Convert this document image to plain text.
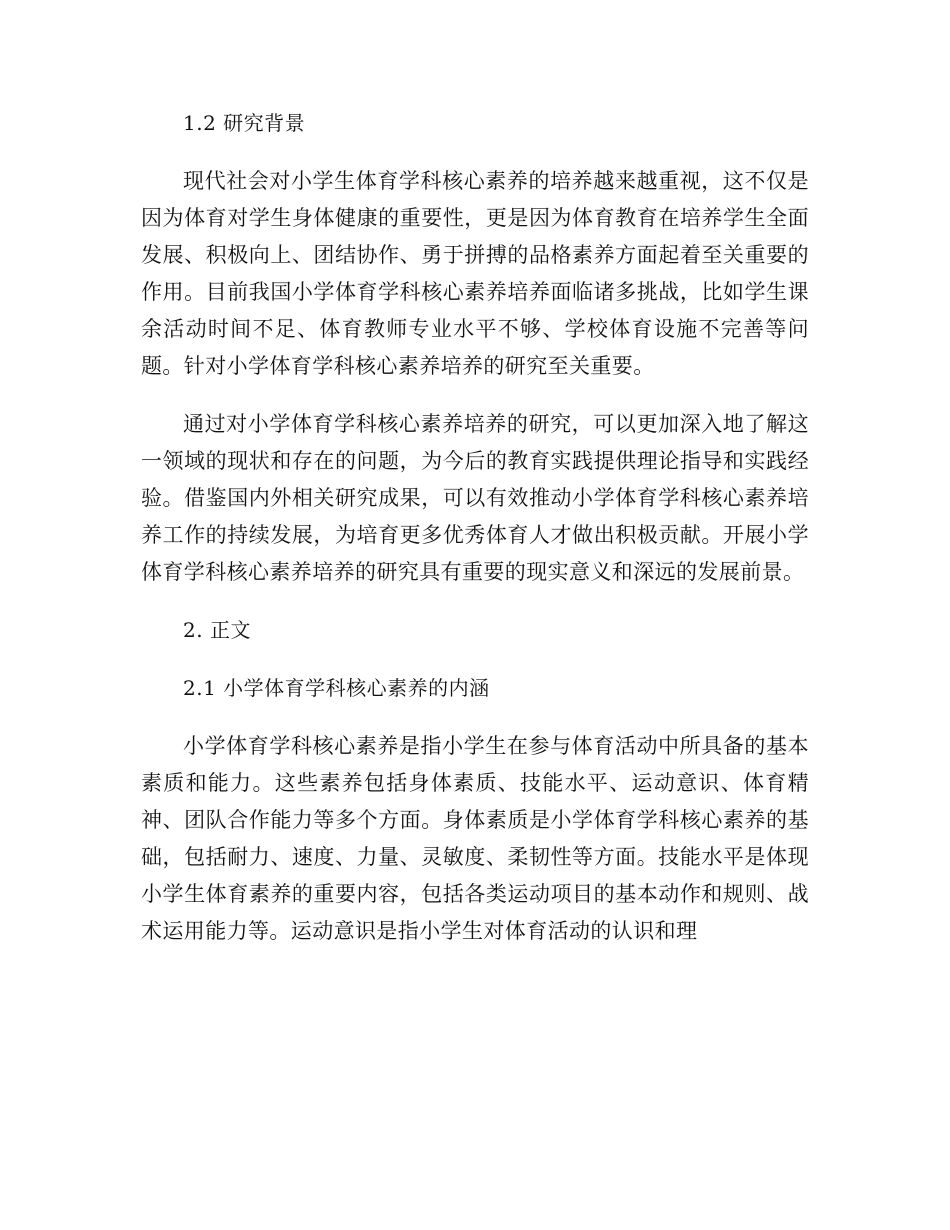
1.2 研究背景

现代社会对小学生体育学科核心素养的培养越来越重视，这不仅是因为体育对学生身体健康的重要性，更是因为体育教育在培养学生全面发展、积极向上、团结协作、勇于拼搏的品格素养方面起着至关重要的作用。目前我国小学体育学科核心素养培养面临诸多挑战，比如学生课余活动时间不足、体育教师专业水平不够、学校体育设施不完善等问题。针对小学体育学科核心素养培养的研究至关重要。

通过对小学体育学科核心素养培养的研究，可以更加深入地了解这一领域的现状和存在的问题，为今后的教育实践提供理论指导和实践经验。借鉴国内外相关研究成果，可以有效推动小学体育学科核心素养培养工作的持续发展，为培育更多优秀体育人才做出积极贡献。开展小学体育学科核心素养培养的研究具有重要的现实意义和深远的发展前景。

2. 正文
2.1 小学体育学科核心素养的内涵

小学体育学科核心素养是指小学生在参与体育活动中所具备的基本素质和能力。这些素养包括身体素质、技能水平、运动意识、体育精神、团队合作能力等多个方面。身体素质是小学体育学科核心素养的基础，包括耐力、速度、力量、灵敏度、柔韧性等方面。技能水平是体现小学生体育素养的重要内容，包括各类运动项目的基本动作和规则、战术运用能力等。运动意识是指小学生对体育活动的认识和理
